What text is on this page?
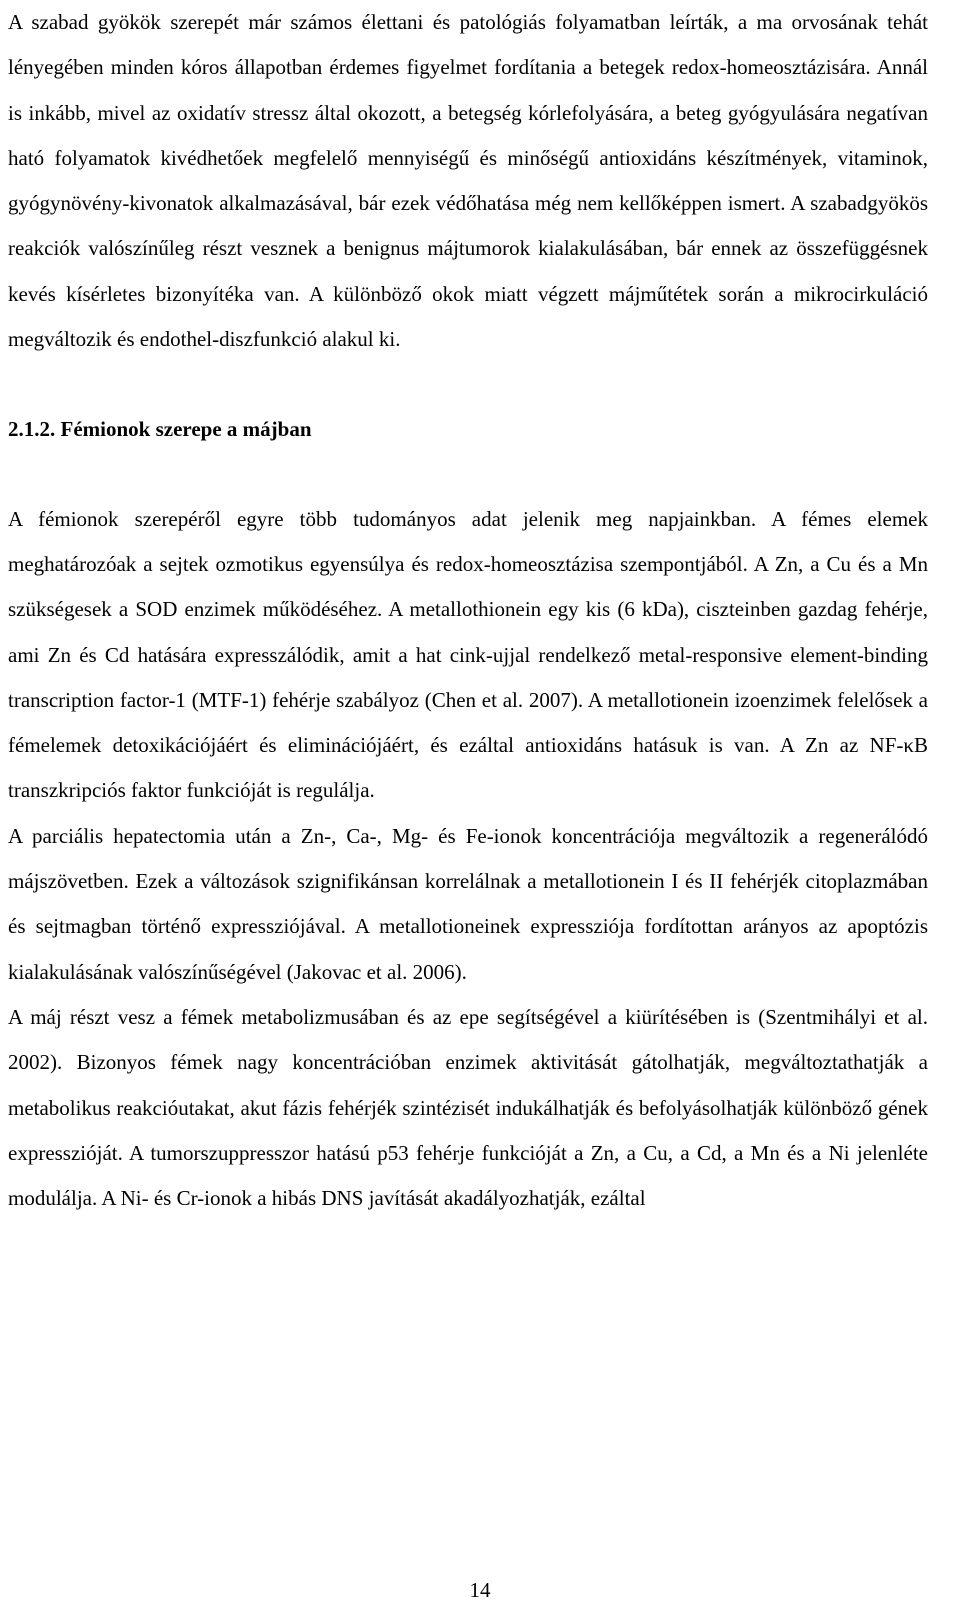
A szabad gyökök szerepét már számos élettani és patológiás folyamatban leírták, a ma orvosának tehát lényegében minden kóros állapotban érdemes figyelmet fordítania a betegek redox-homeosztázisára. Annál is inkább, mivel az oxidatív stressz által okozott, a betegség kórlefolyására, a beteg gyógyulására negatívan ható folyamatok kivédhetőek megfelelő mennyiségű és minőségű antioxidáns készítmények, vitaminok, gyógynövény-kivonatok alkalmazásával, bár ezek védőhatása még nem kellőképpen ismert. A szabadgyökös reakciók valószínűleg részt vesznek a benignus májtumorok kialakulásában, bár ennek az összefüggésnek kevés kísérletes bizonyítéka van. A különböző okok miatt végzett májműtétek során a mikrocirkuláció megváltozik és endothel-diszfunkció alakul ki.

2.1.2. Fémionok szerepe a májban

A fémionok szerepéről egyre több tudományos adat jelenik meg napjainkban. A fémes elemek meghatározóak a sejtek ozmotikus egyensúlya és redox-homeosztázisa szempontjából. A Zn, a Cu és a Mn szükségesek a SOD enzimek működéséhez. A metallothionein egy kis (6 kDa), ciszteinben gazdag fehérje, ami Zn és Cd hatására expresszálódik, amit a hat cink-ujjal rendelkező metal-responsive element-binding transcription factor-1 (MTF-1) fehérje szabályoz (Chen et al. 2007). A metallotionein izoenzimek felelősek a fémelemek detoxikációjáért és eliminációjáért, és ezáltal antioxidáns hatásuk is van. A Zn az NF-κB transzkripciós faktor funkcióját is regulálja.

A parciális hepatectomia után a Zn-, Ca-, Mg- és Fe-ionok koncentrációja megváltozik a regenerálódó májszövetben. Ezek a változások szignifikánsan korrelálnak a metallotionein I és II fehérjék citoplazmában és sejtmagban történő expressziójával. A metallotioneinek expressziója fordítottan arányos az apoptózis kialakulásának valószínűségével (Jakovac et al. 2006).

A máj részt vesz a fémek metabolizmusában és az epe segítségével a kiürítésében is (Szentmihályi et al. 2002). Bizonyos fémek nagy koncentrációban enzimek aktivitását gátolhatják, megváltoztathatják a metabolikus reakcióutakat, akut fázis fehérjék szintézisét indukálhatják és befolyásolhatják különböző gének expresszióját. A tumorszuppresszor hatású p53 fehérje funkcióját a Zn, a Cu, a Cd, a Mn és a Ni jelenléte modulálja. A Ni- és Cr-ionok a hibás DNS javítását akadályozhatják, ezáltal

14
